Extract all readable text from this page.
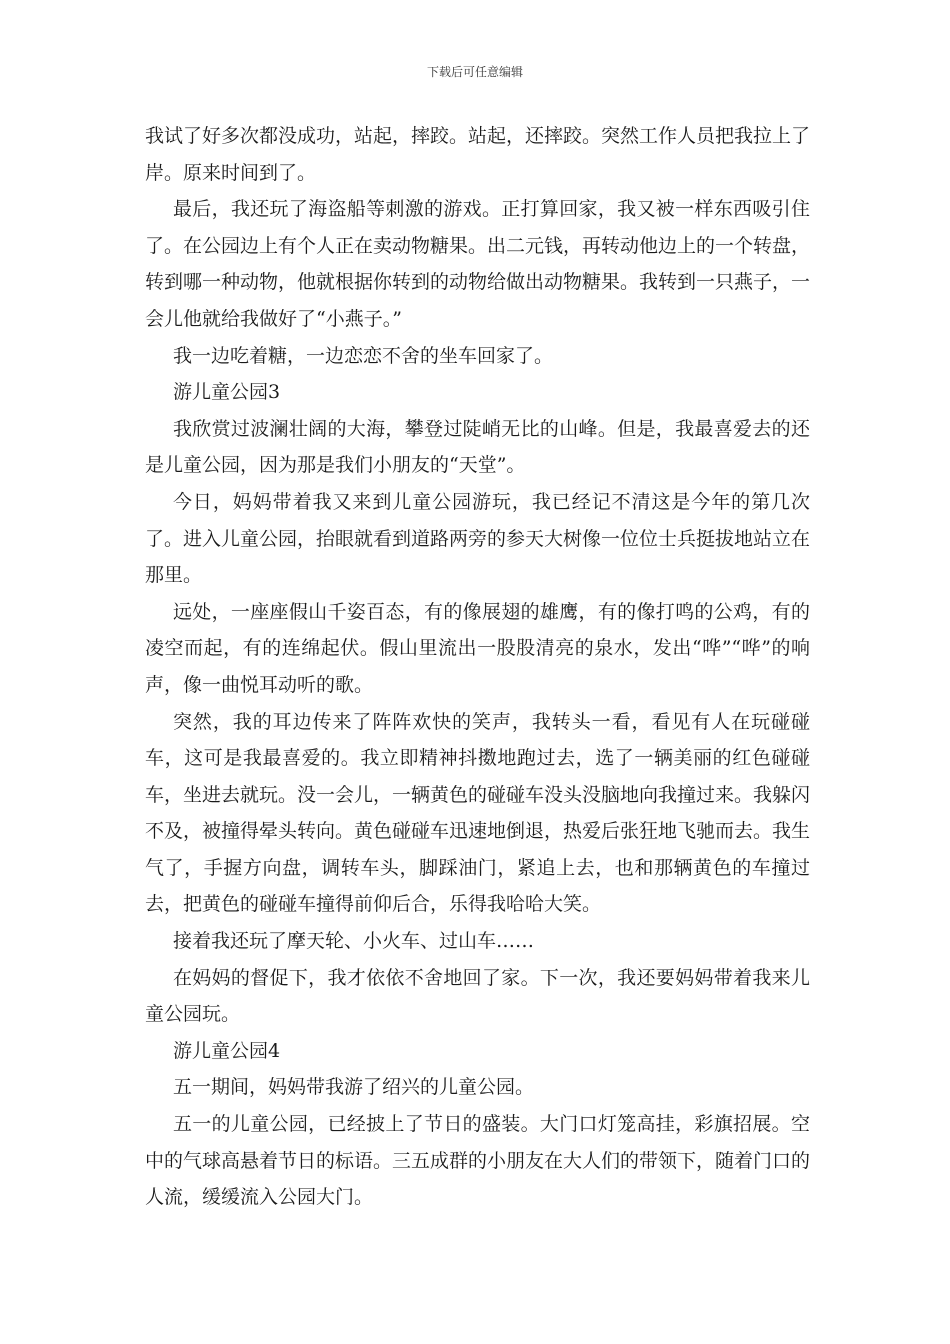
下载后可任意编辑

我试了好多次都没成功，站起，摔跤。站起，还摔跤。突然工作人员把我拉上了岸。原来时间到了。

最后，我还玩了海盗船等刺激的游戏。正打算回家，我又被一样东西吸引住了。在公园边上有个人正在卖动物糖果。出二元钱，再转动他边上的一个转盘，转到哪一种动物，他就根据你转到的动物给做出动物糖果。我转到一只燕子，一会儿他就给我做好了“小燕子。”

我一边吃着糖，一边恋恋不舍的坐车回家了。

游儿童公园3

我欣赏过波澜壮阔的大海，攀登过陡峭无比的山峰。但是，我最喜爱去的还是儿童公园，因为那是我们小朋友的“天堂”。

今日，妈妈带着我又来到儿童公园游玩，我已经记不清这是今年的第几次了。进入儿童公园，抬眼就看到道路两旁的参天大树像一位位士兵挺拔地站立在那里。

远处，一座座假山千姿百态，有的像展翅的雄鹰，有的像打鸣的公鸡，有的凌空而起，有的连绵起伏。假山里流出一股股清亮的泉水，发出“哗”“哗”的响声，像一曲悦耳动听的歌。

突然，我的耳边传来了阵阵欢快的笑声，我转头一看，看见有人在玩碰碰车，这可是我最喜爱的。我立即精神抖擞地跑过去，选了一辆美丽的红色碰碰车，坐进去就玩。没一会儿，一辆黄色的碰碰车没头没脑地向我撞过来。我躲闪不及，被撞得晕头转向。黄色碰碰车迅速地倒退，热爱后张狂地飞驰而去。我生气了，手握方向盘，调转车头，脚踩油门，紧追上去，也和那辆黄色的车撞过去，把黄色的碰碰车撞得前仰后合，乐得我哈哈大笑。

接着我还玩了摩天轮、小火车、过山车……

在妈妈的督促下，我才依依不舍地回了家。下一次，我还要妈妈带着我来儿童公园玩。

游儿童公园4

五一期间，妈妈带我游了绍兴的儿童公园。

五一的儿童公园，已经披上了节日的盛装。大门口灯笼高挂，彩旗招展。空中的气球高悬着节日的标语。三五成群的小朋友在大人们的带领下，随着门口的人流，缓缓流入公园大门。
